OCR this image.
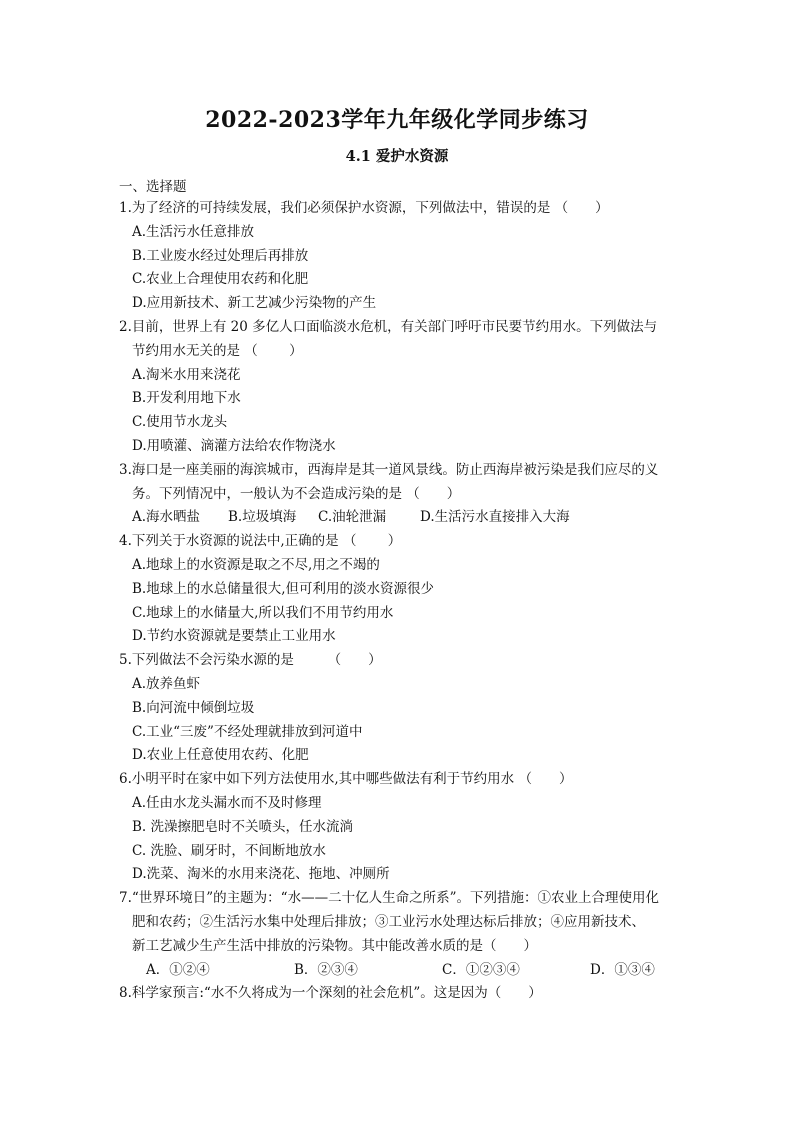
2022-2023学年九年级化学同步练习
4.1 爱护水资源
一、选择题
1.为了经济的可持续发展，我们必须保护水资源，下列做法中，错误的是 （　　）
A.生活污水任意排放
B.工业废水经过处理后再排放
C.农业上合理使用农药和化肥
D.应用新技术、新工艺减少污染物的产生
2.目前，世界上有 20 多亿人口面临淡水危机，有关部门呼吁市民要节约用水。下列做法与
节约用水无关的是 （　　 ）
A.淘米水用来浇花
B.开发利用地下水
C.使用节水龙头
D.用喷灌、滴灌方法给农作物浇水
3.海口是一座美丽的海滨城市，西海岸是其一道风景线。防止西海岸被污染是我们应尽的义
务。下列情况中，一般认为不会造成污染的是 （　　）
A.海水晒盐 B.垃圾填海 C.油轮泄漏	D.生活污水直接排入大海
4.下列关于水资源的说法中,正确的是 （　　 ）
A.地球上的水资源是取之不尽,用之不竭的
B.地球上的水总储量很大,但可利用的淡水资源很少
C.地球上的水储量大,所以我们不用节约用水
D.节约水资源就是要禁止工业用水
5.下列做法不会污染水源的是　　　（　　）
A.放养鱼虾
B.向河流中倾倒垃圾
C.工业“三废”不经处理就排放到河道中
D.农业上任意使用农药、化肥
6.小明平时在家中如下列方法使用水,其中哪些做法有利于节约用水 （　　）
A.任由水龙头漏水而不及时修理
B. 洗澡擦肥皂时不关喷头，任水流淌
C. 洗脸、刷牙时，不间断地放水
D.洗菜、淘米的水用来浇花、拖地、冲厕所
7.“世界环境日”的主题为：“水——二十亿人生命之所系”。下列措施：①农业上合理使用化
肥和农药；②生活污水集中处理后排放；③工业污水处理达标后排放；④应用新技术、
新工艺减少生产生活中排放的污染物。其中能改善水质的是（　　）
A．①②④	B．②③④	C．①②③④	D．①③④
8.科学家预言:“水不久将成为一个深刻的社会危机”。这是因为（　　）
